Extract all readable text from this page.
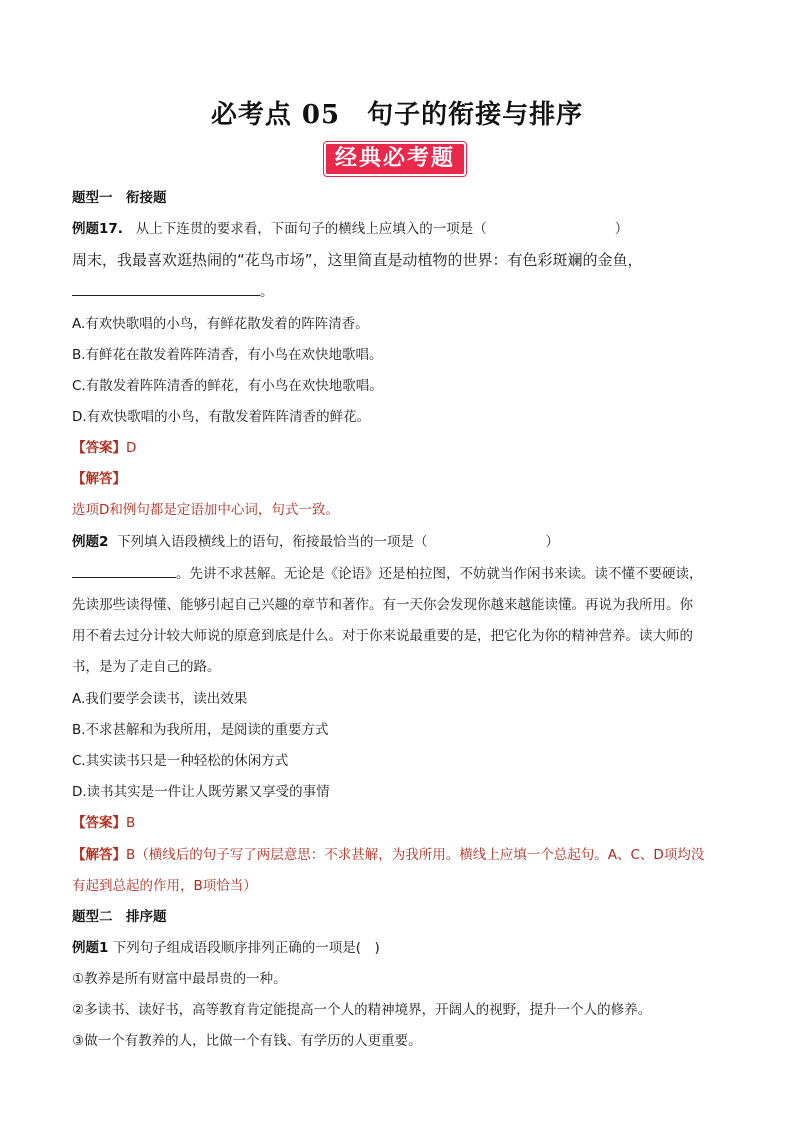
必考点 05　句子的衔接与排序
经典必考题
题型一　衔接题
例题17. 从上下连贯的要求看，下面句子的横线上应填入的一项是（	）
周末，我最喜欢逛热闹的“花鸟市场”，这里简直是动植物的世界：有色彩斑斓的金鱼，
。
A.有欢快歌唱的小鸟，有鲜花散发着的阵阵清香。
B.有鲜花在散发着阵阵清香，有小鸟在欢快地歌唱。
C.有散发着阵阵清香的鲜花，有小鸟在欢快地歌唱。
D.有欢快歌唱的小鸟，有散发着阵阵清香的鲜花。
【答案】D
【解答】
选项D和例句都是定语加中心词，句式一致。
例题2 下列填入语段横线上的语句，衔接最恰当的一项是（	）
。先讲不求甚解。无论是《论语》还是柏拉图，不妨就当作闲书来读。读不懂不要硬读，
先读那些读得懂、能够引起自己兴趣的章节和著作。有一天你会发现你越来越能读懂。再说为我所用。你
用不着去过分计较大师说的原意到底是什么。对于你来说最重要的是，把它化为你的精神营养。读大师的
书，是为了走自己的路。
A.我们要学会读书，读出效果
B.不求甚解和为我所用，是阅读的重要方式
C.其实读书只是一种轻松的休闲方式
D.读书其实是一件让人既劳累又享受的事情
【答案】B
【解答】B（横线后的句子写了两层意思：不求甚解，为我所用。横线上应填一个总起句。A、C、D项均没
有起到总起的作用，B项恰当）
题型二　排序题
例题1 下列句子组成语段顺序排列正确的一项是(　)
①教养是所有财富中最昂贵的一种。
②多读书、读好书，高等教育肯定能提高一个人的精神境界，开阔人的视野，提升一个人的修养。
③做一个有教养的人，比做一个有钱、有学历的人更重要。
